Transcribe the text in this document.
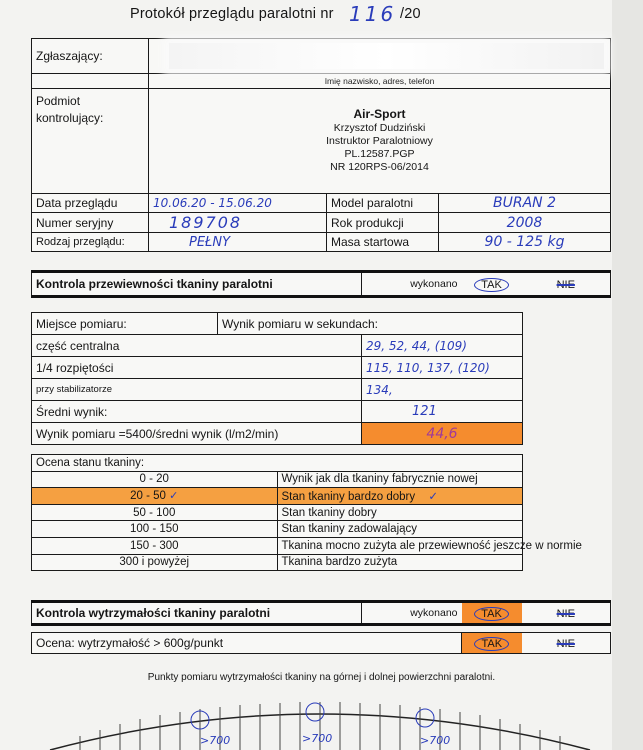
Protokół przeglądu paralotni nr 116 /20
Zgłaszający:			

	Imię nazwisko, adres, telefon		
Podmiot kontrolujący:	Air-Sport
Krzysztof Dudziński
Instruktor Paralotniowy
PL.12587.PGP
NR 120RPS-06/2014		
Data przeglądu	10.06.20 - 15.06.20	Model paralotni	BURAN 2
Numer seryjny	189708	Rok produkcji	2008
Rodzaj przeglądu:	PEŁNY	Masa startowa	90 - 125 kg
Kontrola przewiewności tkaniny paralotni	wykonano	TAK	NIE
Miejsce pomiaru:	Wynik pomiaru w sekundach:	
część centralna		29, 52, 44, (109)
1/4 rozpiętości		115, 110, 137, (120)
przy stabilizatorze		134,
Średni wynik:		121
Wynik pomiaru =5400/średni wynik (l/m2/min)		44,6
Ocena stanu tkaniny:	
0 - 20	Wynik jak dla tkaniny fabrycznie nowej
20 - 50 ✓	Stan tkaniny bardzo dobry ✓
50 - 100	Stan tkaniny dobry
100 - 150	Stan tkaniny zadowalający
150 - 300	Tkanina mocno zużyta ale przewiewność jeszcze w normie
300 i powyżej	Tkanina bardzo zużyta
Kontrola wytrzymałości tkaniny paralotni	wykonano	TAK	NIE

Ocena: wytrzymałość > 600g/punkt		TAK	NIE
Punkty pomiaru wytrzymałości tkaniny na górnej i dolnej powierzchni paralotni.
>700	>700	>700
